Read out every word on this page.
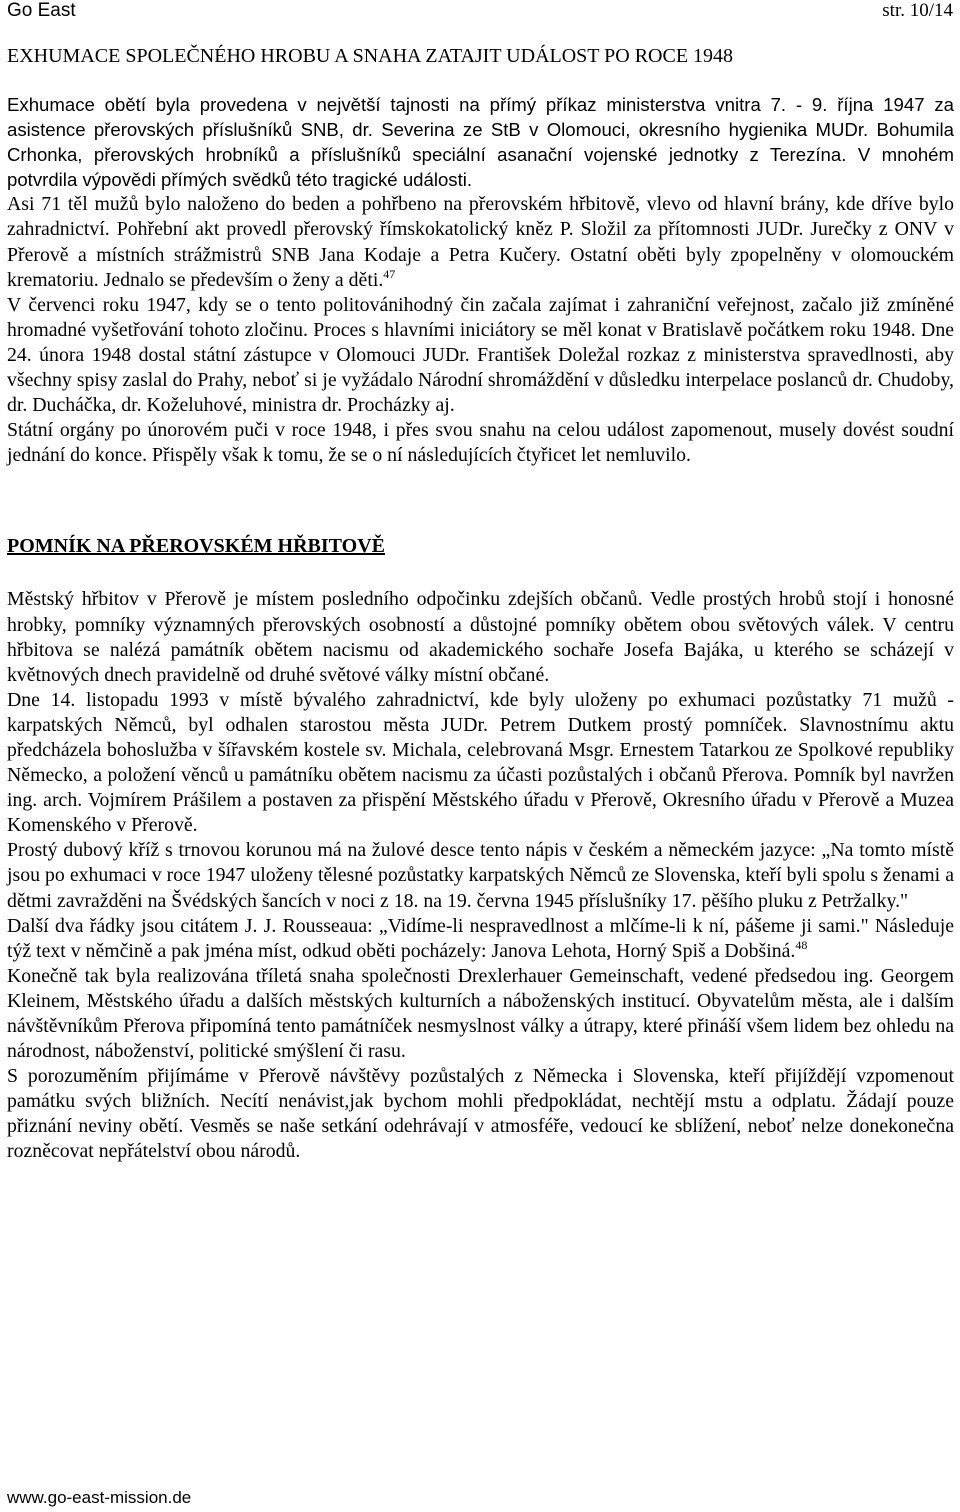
Go East	str. 10/14
EXHUMACE SPOLEČNÉHO HROBU A SNAHA ZATAJIT UDÁLOST PO ROCE 1948

Exhumace obětí byla provedena v největší tajnosti na přímý příkaz ministerstva vnitra 7. - 9. října 1947 za asistence přerovských příslušníků SNB, dr. Severina ze StB v Olomouci, okresního hygienika MUDr. Bohumila Crhonka, přerovských hrobníků a příslušníků speciální asanační vojenské jednotky z Terezína. V mnohém potvrdila výpovědi přímých svědků této tragické události.

Asi 71 těl mužů bylo naloženo do beden a pohřbeno na přerovském hřbitově, vlevo od hlavní brány, kde dříve bylo zahradnictví. Pohřební akt provedl přerovský římskokatolický kněz P. Složil za přítomnosti JUDr. Jurečky z ONV v Přerově a místních strážmistrů SNB Jana Kodaje a Petra Kučery. Ostatní oběti byly zpopelněny v olomouckém krematoriu. Jednalo se především o ženy a děti.$^{47}$

V červenci roku 1947, kdy se o tento politovánihodný čin začala zajímat i zahraniční veřejnost, začalo již zmíněné hromadné vyšetřování tohoto zločinu. Proces s hlavními iniciátory se měl konat v Bratislavě počátkem roku 1948. Dne 24. února 1948 dostal státní zástupce v Olomouci JUDr. František Doležal rozkaz z ministerstva spravedlnosti, aby všechny spisy zaslal do Prahy, neboť si je vyžádalo Národní shromáždění v důsledku interpelace poslanců dr. Chudoby, dr. Ducháčka, dr. Koželuhové, ministra dr. Procházky aj.

Státní orgány po únorovém puči v roce 1948, i přes svou snahu na celou událost zapomenout, musely dovést soudní jednání do konce. Přispěly však k tomu, že se o ní následujících čtyřicet let nemluvilo.

POMNÍK NA PŘEROVSKÉM HŘBITOVĚ

Městský hřbitov v Přerově je místem posledního odpočinku zdejších občanů. Vedle prostých hrobů stojí i honosné hrobky, pomníky významných přerovských osobností a důstojné pomníky obětem obou světových válek. V centru hřbitova se nalézá památník obětem nacismu od akademického sochaře Josefa Bajáka, u kterého se scházejí v květnových dnech pravidelně od druhé světové války místní občané.

Dne 14. listopadu 1993 v místě bývalého zahradnictví, kde byly uloženy po exhumaci pozůstatky 71 mužů - karpatských Němců, byl odhalen starostou města JUDr. Petrem Dutkem prostý pomníček. Slavnostnímu aktu předcházela bohoslužba v šířavském kostele sv. Michala, celebrovaná Msgr. Ernestem Tatarkou ze Spolkové republiky Německo, a položení věnců u památníku obětem nacismu za účasti pozůstalých i občanů Přerova. Pomník byl navržen ing. arch. Vojmírem Prášilem a postaven za přispění Městského úřadu v Přerově, Okresního úřadu v Přerově a Muzea Komenského v Přerově.

Prostý dubový kříž s trnovou korunou má na žulové desce tento nápis v českém a německém jazyce: „Na tomto místě jsou po exhumaci v roce 1947 uloženy tělesné pozůstatky karpatských Němců ze Slovenska, kteří byli spolu s ženami a dětmi zavražděni na Švédských šancích v noci z 18. na 19. června 1945 příslušníky 17. pěšího pluku z Petržalky."

Další dva řádky jsou citátem J. J. Rousseaua: „Vidíme-li nespravedlnost a mlčíme-li k ní, pášeme ji sami." Následuje týž text v němčině a pak jména míst, odkud oběti pocházely: Janova Lehota, Horný Spiš a Dobšiná.$^{48}$

Konečně tak byla realizována tříletá snaha společnosti Drexlerhauer Gemeinschaft, vedené předsedou ing. Georgem Kleinem, Městského úřadu a dalších městských kulturních a náboženských institucí. Obyvatelům města, ale i dalším návštěvníkům Přerova připomíná tento památníček nesmyslnost války a útrapy, které přináší všem lidem bez ohledu na národnost, náboženství, politické smýšlení či rasu.

S porozuměním přijímáme v Přerově návštěvy pozůstalých z Německa i Slovenska, kteří přijíždějí vzpomenout památku svých bližních. Necítí nenávist,jak bychom mohli předpokládat, nechtějí mstu a odplatu. Žádají pouze přiznání neviny obětí. Vesměs se naše setkání odehrávají v atmosféře, vedoucí ke sblížení, neboť nelze donekonečna rozněcovat nepřátelství obou národů.

www.go-east-mission.de
